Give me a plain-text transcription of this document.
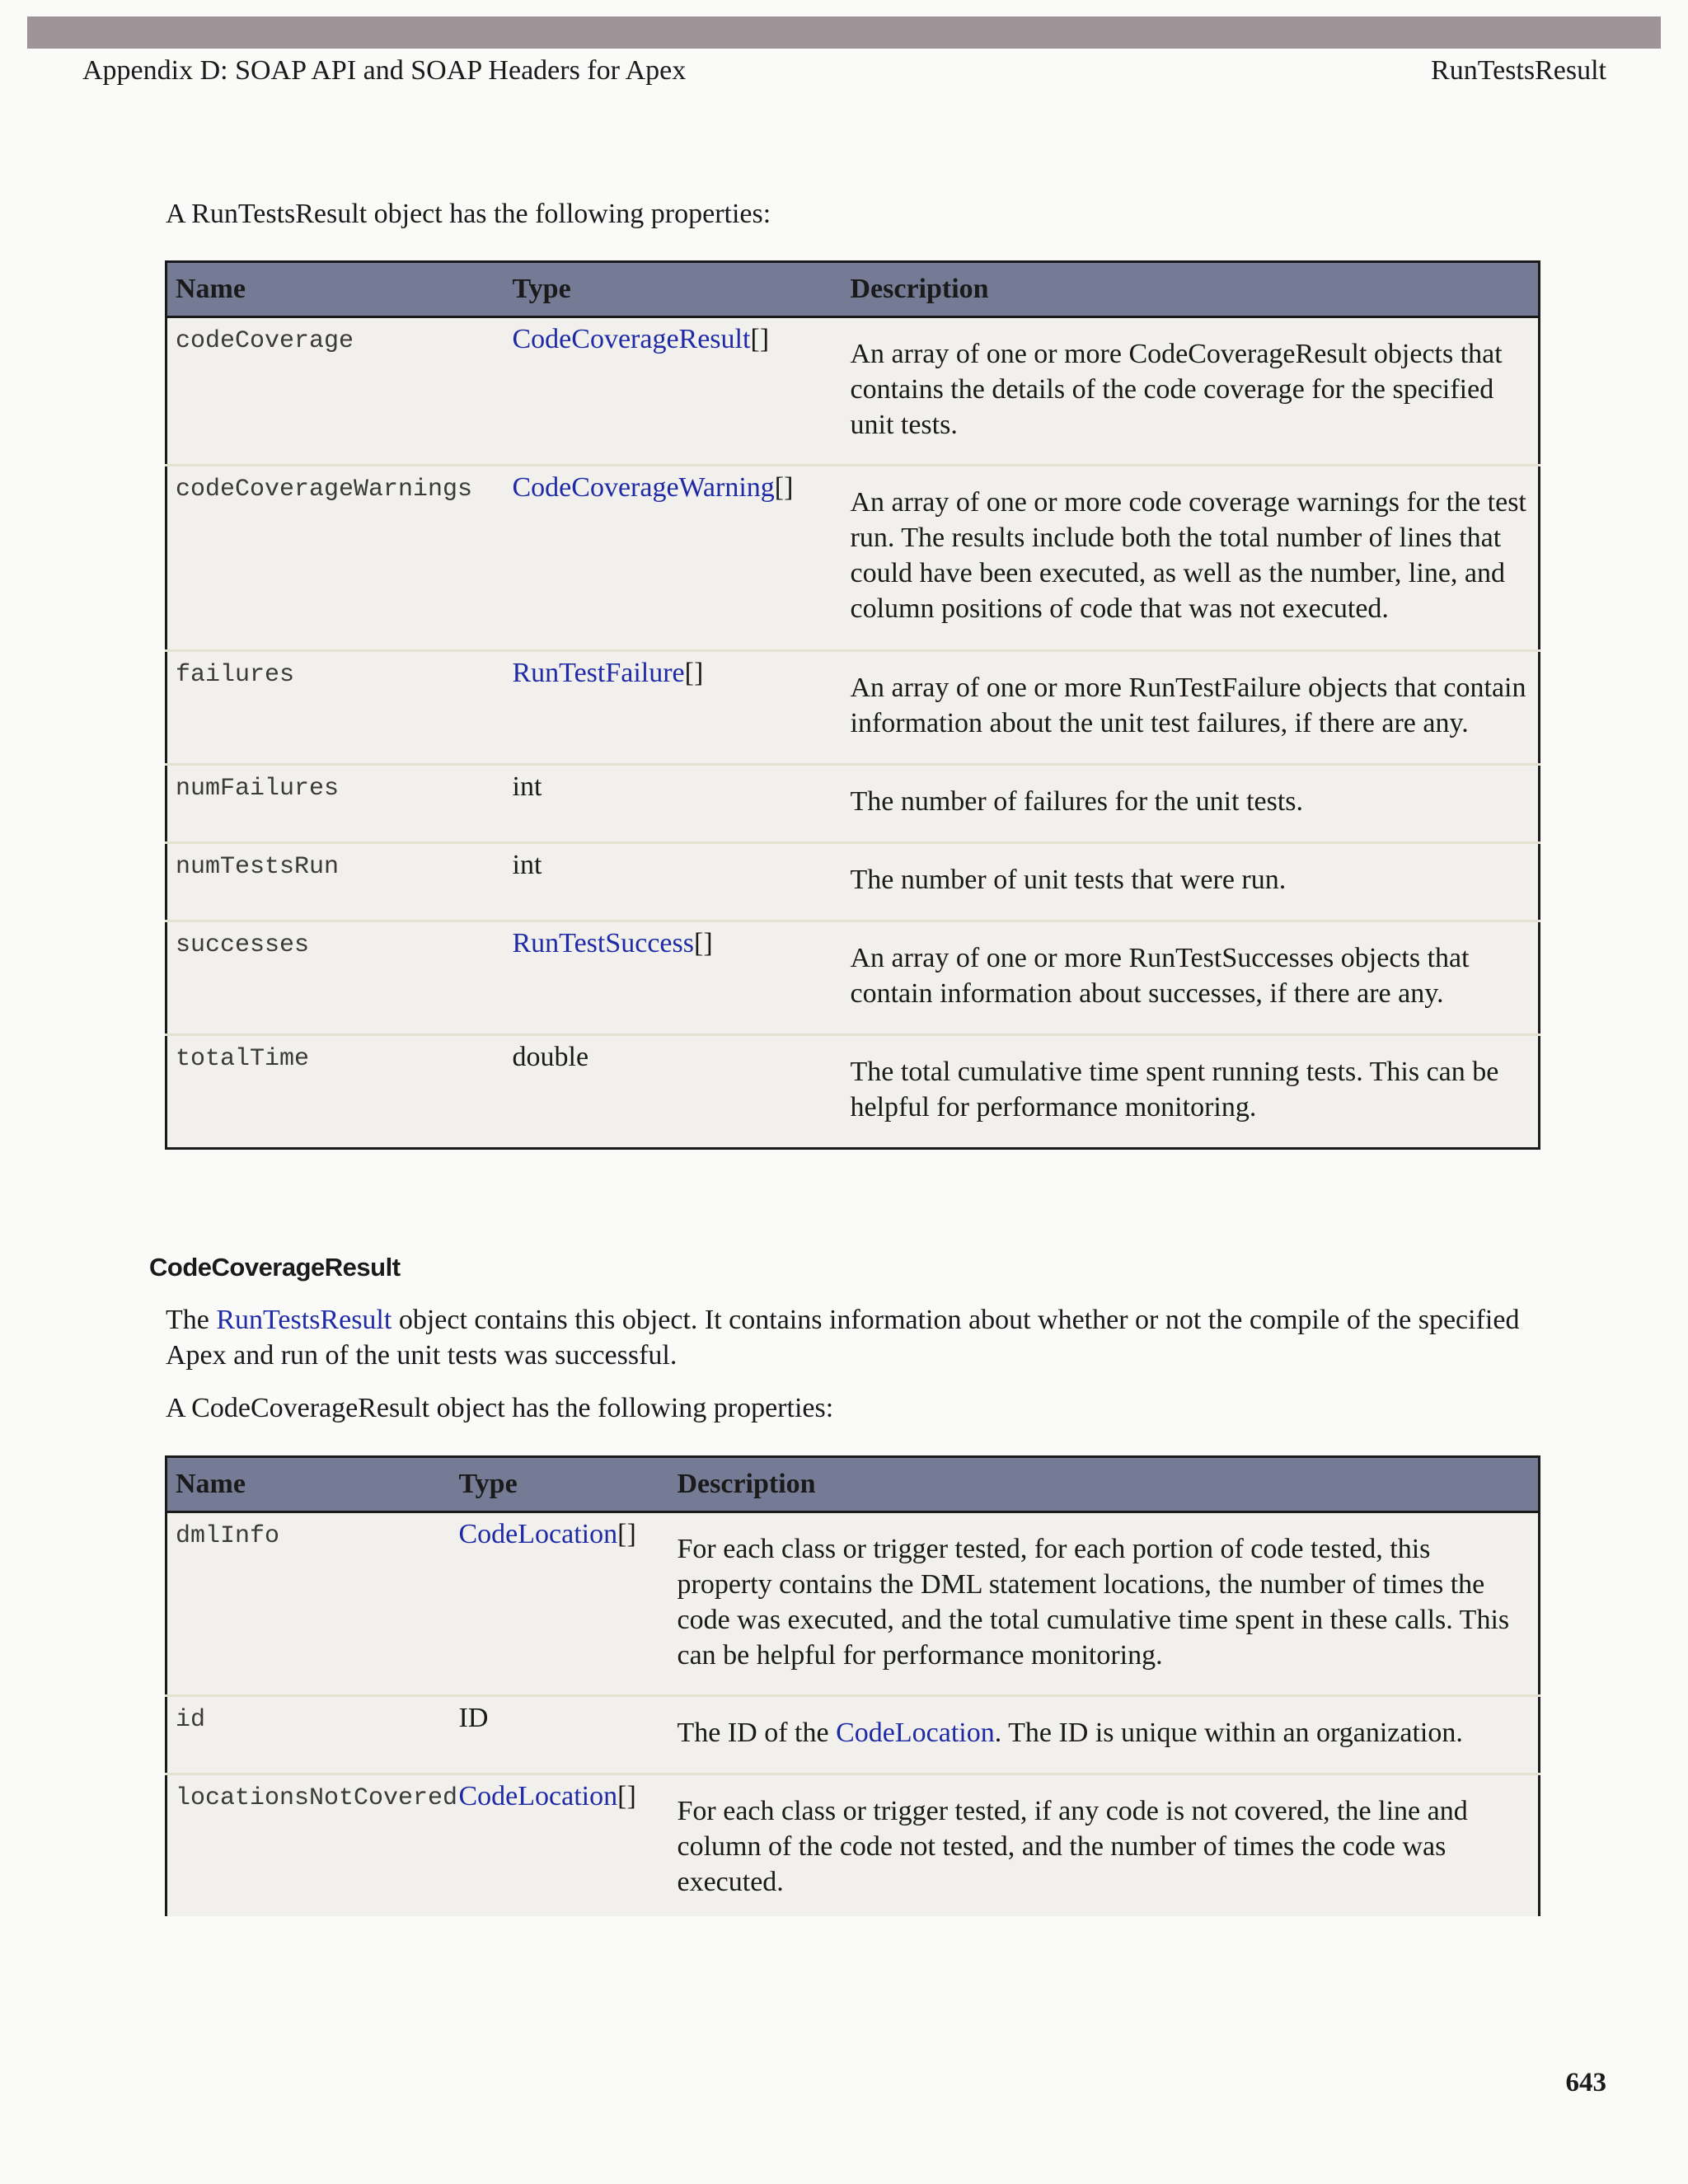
Appendix D: SOAP API and SOAP Headers for Apex	RunTestsResult

A RunTestsResult object has the following properties:

Name	Type	Description
codeCoverage	CodeCoverageResult[]	An array of one or more CodeCoverageResult objects that contains the details of the code coverage for the specified unit tests.
codeCoverageWarnings	CodeCoverageWarning[]	An array of one or more code coverage warnings for the test run. The results include both the total number of lines that could have been executed, as well as the number, line, and column positions of code that was not executed.
failures	RunTestFailure[]	An array of one or more RunTestFailure objects that contain information about the unit test failures, if there are any.
numFailures	int	The number of failures for the unit tests.
numTestsRun	int	The number of unit tests that were run.
successes	RunTestSuccess[]	An array of one or more RunTestSuccesses objects that contain information about successes, if there are any.
totalTime	double	The total cumulative time spent running tests. This can be helpful for performance monitoring.
CodeCoverageResult

The RunTestsResult object contains this object. It contains information about whether or not the compile of the specified Apex and run of the unit tests was successful.

A CodeCoverageResult object has the following properties:

Name	Type	Description
dmlInfo	CodeLocation[]	For each class or trigger tested, for each portion of code tested, this property contains the DML statement locations, the number of times the code was executed, and the total cumulative time spent in these calls. This can be helpful for performance monitoring.
id	ID	The ID of the CodeLocation. The ID is unique within an organization.
locationsNotCovered	CodeLocation[]	For each class or trigger tested, if any code is not covered, the line and column of the code not tested, and the number of times the code was executed.
643
